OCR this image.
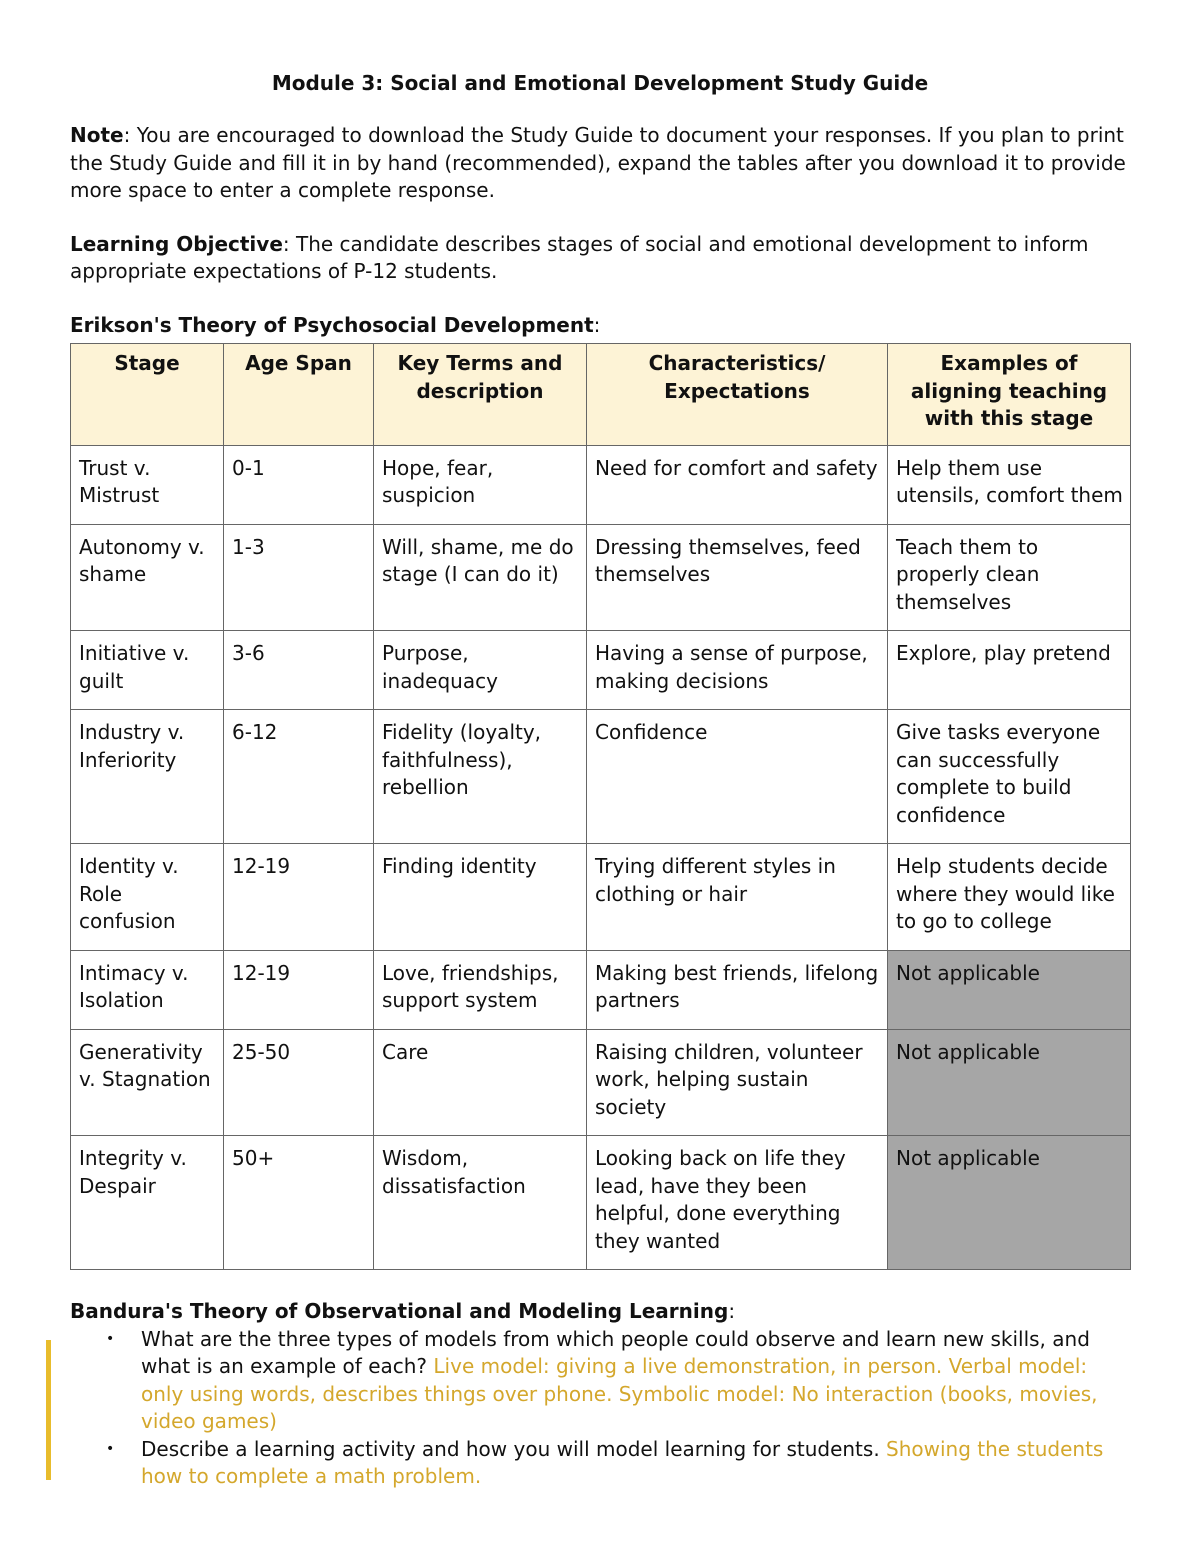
Module 3: Social and Emotional Development Study Guide

Note: You are encouraged to download the Study Guide to document your responses. If you plan to print the Study Guide and fill it in by hand (recommended), expand the tables after you download it to provide more space to enter a complete response.

Learning Objective: The candidate describes stages of social and emotional development to inform appropriate expectations of P-12 students.

Erikson's Theory of Psychosocial Development:
Stage	Age Span	Key Terms and description	Characteristics/ Expectations	Examples of aligning teaching with this stage
Trust v. Mistrust	0-1	Hope, fear, suspicion	Need for comfort and safety	Help them use utensils, comfort them
Autonomy v. shame	1-3	Will, shame, me do stage (I can do it)	Dressing themselves, feed themselves	Teach them to properly clean themselves
Initiative v. guilt	3-6	Purpose, inadequacy	Having a sense of purpose, making decisions	Explore, play pretend
Industry v. Inferiority	6-12	Fidelity (loyalty, faithfulness), rebellion	Confidence	Give tasks everyone can successfully complete to build confidence
Identity v. Role confusion	12-19	Finding identity	Trying different styles in clothing or hair	Help students decide where they would like to go to college
Intimacy v. Isolation	12-19	Love, friendships, support system	Making best friends, lifelong partners	Not applicable
Generativity v. Stagnation	25-50	Care	Raising children, volunteer work, helping sustain society	Not applicable
Integrity v. Despair	50+	Wisdom, dissatisfaction	Looking back on life they lead, have they been helpful, done everything they wanted	Not applicable
Bandura's Theory of Observational and Modeling Learning:
• What are the three types of models from which people could observe and learn new skills, and what is an example of each? Live model: giving a live demonstration, in person. Verbal model: only using words, describes things over phone. Symbolic model: No interaction (books, movies, video games)
• Describe a learning activity and how you will model learning for students. Showing the students how to complete a math problem.
